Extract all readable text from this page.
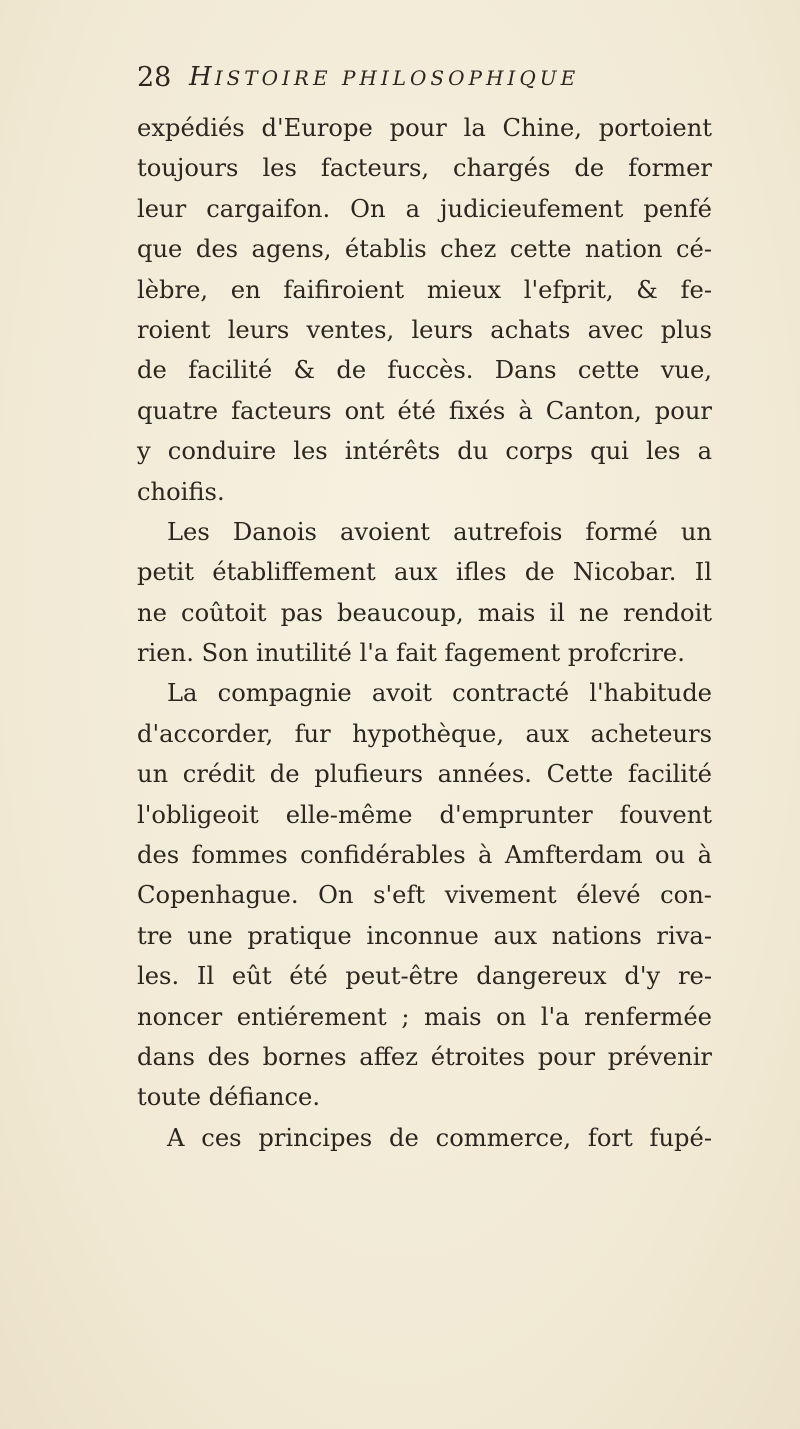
28 HISTOIRE PHILOSOPHIQUE
expédiés d'Europe pour la Chine, portoient
toujours les facteurs, chargés de former
leur cargaifon. On a judicieufement penfé
que des agens, établis chez cette nation cé-
lèbre, en faifiroient mieux l'efprit, & fe-
roient leurs ventes, leurs achats avec plus
de facilité & de fuccès. Dans cette vue,
quatre facteurs ont été fixés à Canton, pour
y conduire les intérêts du corps qui les a
choifis.
Les Danois avoient autrefois formé un
petit établiffement aux ifles de Nicobar. Il
ne coûtoit pas beaucoup, mais il ne rendoit
rien. Son inutilité l'a fait fagement profcrire.
La compagnie avoit contracté l'habitude
d'accorder, fur hypothèque, aux acheteurs
un crédit de plufieurs années. Cette facilité
l'obligeoit elle-même d'emprunter fouvent
des fommes confidérables à Amfterdam ou à
Copenhague. On s'eft vivement élevé con-
tre une pratique inconnue aux nations riva-
les. Il eût été peut-être dangereux d'y re-
noncer entiérement ; mais on l'a renfermée
dans des bornes affez étroites pour prévenir
toute défiance.
A ces principes de commerce, fort fupé-
